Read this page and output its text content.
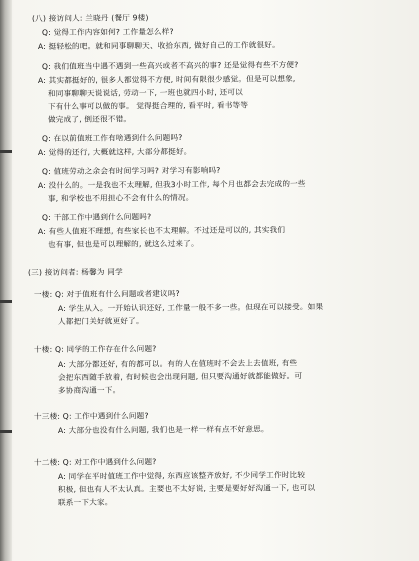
(八) 接访问人: 兰晓丹 (餐厅 9楼)
Q: 觉得工作内容如何? 工作量怎么样?
A: 挺轻松的吧。就和同事聊聊天、收拾东西, 做好自己的工作就很好。
Q: 我们值班当中遇不遇到一些高兴或者不高兴的事? 还是觉得有些不方便?
A: 其实都挺好的, 很多人都觉得不方便, 时间有限很少感觉。但是可以想象,
和同事聊聊天说说话, 劳动一下, 一班也就四小时, 还可以
下有什么事可以做的事。 觉得挺合理的, 看平时, 看书等等
做完成了, 倒还很不错。
Q: 在以前值班工作有啥遇到什么问题吗?
A: 觉得的还行, 大概就这样, 大部分都挺好。
Q: 值班劳动之余会有时间学习吗? 对学习有影响吗?
A: 没什么的。一是我也不太理解, 但我3小时工作, 每个月也都会去完成的一些
事, 和学校也不用担心不会有什么的情况。
Q: 干部工作中遇到什么问题吗?
A: 有些人值班不理想, 有些家长也不太理解。不过还是可以的, 其实我们
也有事, 但也是可以理解的, 就这么过来了。
(三) 接访问者: 杨馨为 同学
一楼: Q: 对于值班有什么问题或者建议吗?
A: 学生从入。一开始认识还好, 工作量一般不多一些。但现在可以接受。如果
人都把门关好就更好了。
十楼: Q: 同学的工作存在什么问题?
A: 大部分都还好, 有的都可以。有的人在值班时不会去上去值班, 有些
会把东西随手放着, 有时候也会出现问题, 但只要沟通好就都能做好。可
多协商沟通一下。
十三楼: Q: 工作中遇到什么问题?
A: 大部分也没有什么问题, 我们也是一样一样有点不好意思。
十二楼: Q: 对工作中遇到什么问题?
A: 同学在平时值班工作中觉得, 东西应该整齐放好, 不少同学工作时比较
积极, 但也有人不太认真。主要也不太好说, 主要是要好好沟通一下, 也可以
联系一下大家。
